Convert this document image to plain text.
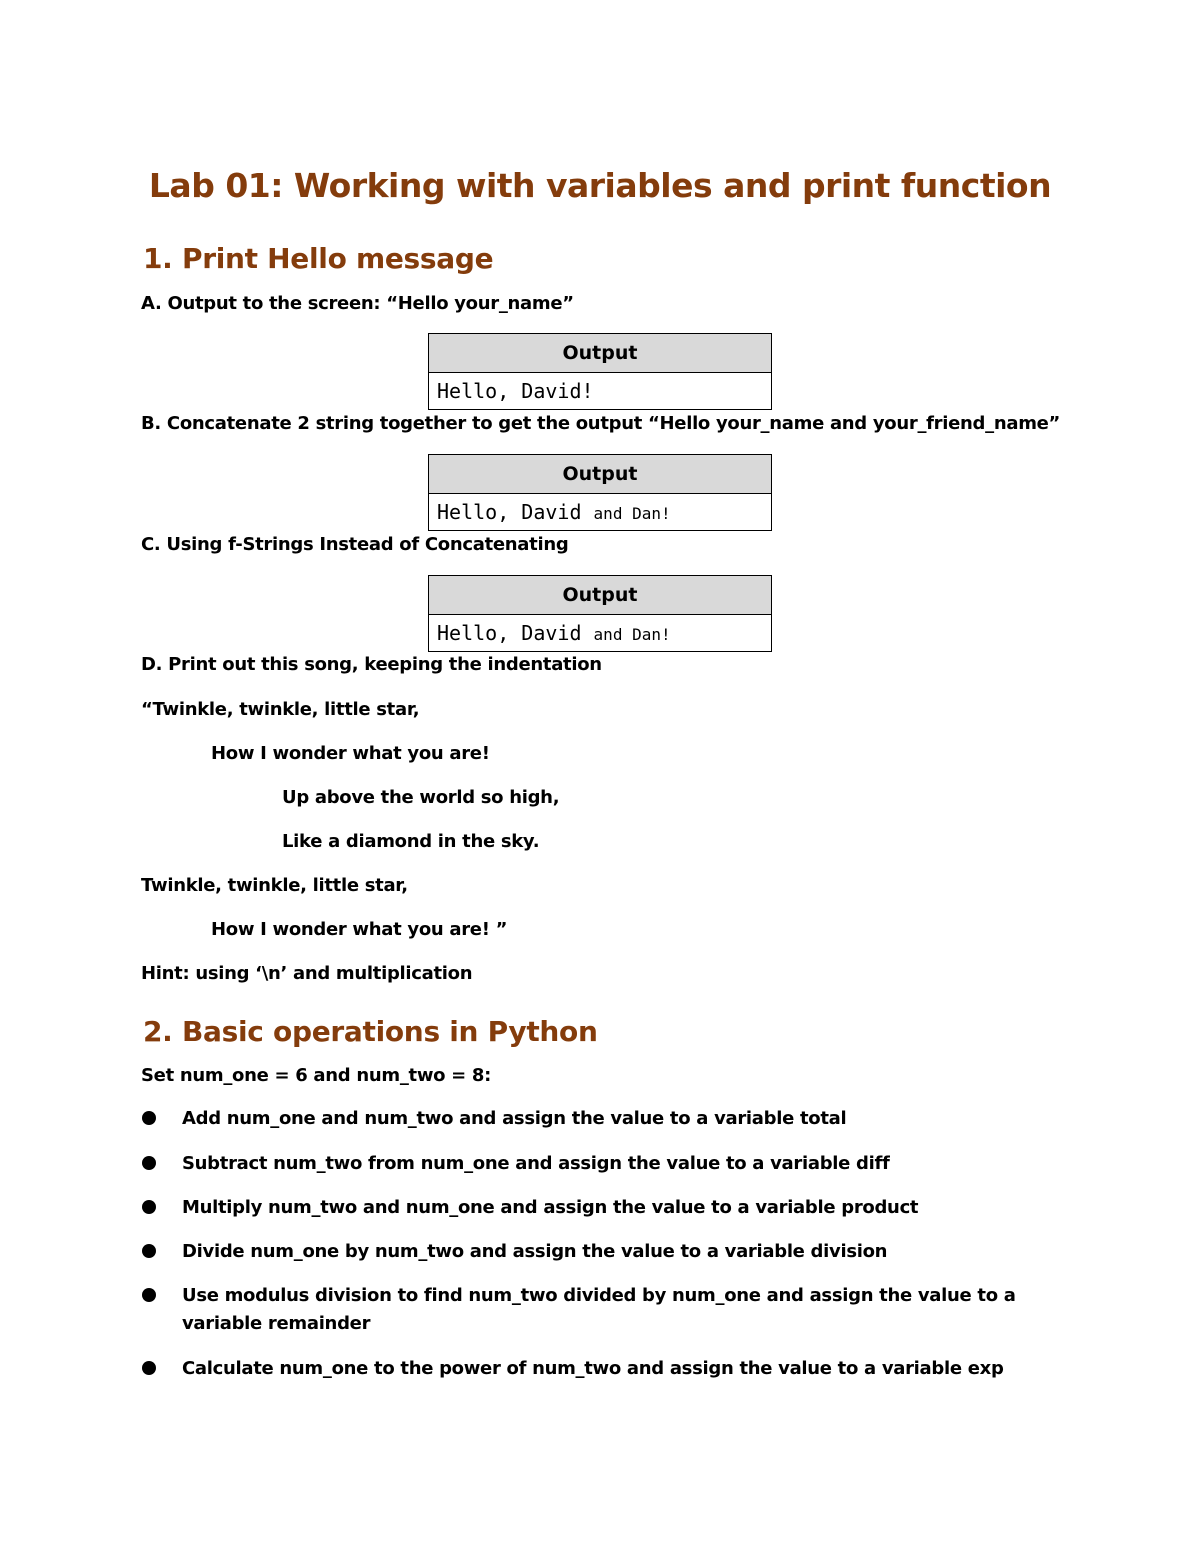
Lab 01: Working with variables and print function
1. Print Hello message
A. Output to the screen: “Hello your_name”
Output
Hello, David!
B. Concatenate 2 string together to get the output “Hello your_name and your_friend_name”
Output
Hello, David and Dan!
C. Using f-Strings Instead of Concatenating
Output
Hello, David and Dan!
D. Print out this song, keeping the indentation
“Twinkle, twinkle, little star,
How I wonder what you are!
Up above the world so high,
Like a diamond in the sky.
Twinkle, twinkle, little star,
How I wonder what you are! ”
Hint: using ‘\n’ and multiplication
2. Basic operations in Python
Set num_one = 6 and num_two = 8:
Add num_one and num_two and assign the value to a variable total
Subtract num_two from num_one and assign the value to a variable diff
Multiply num_two and num_one and assign the value to a variable product
Divide num_one by num_two and assign the value to a variable division
Use modulus division to find num_two divided by num_one and assign the value to a variable remainder
Calculate num_one to the power of num_two and assign the value to a variable exp
